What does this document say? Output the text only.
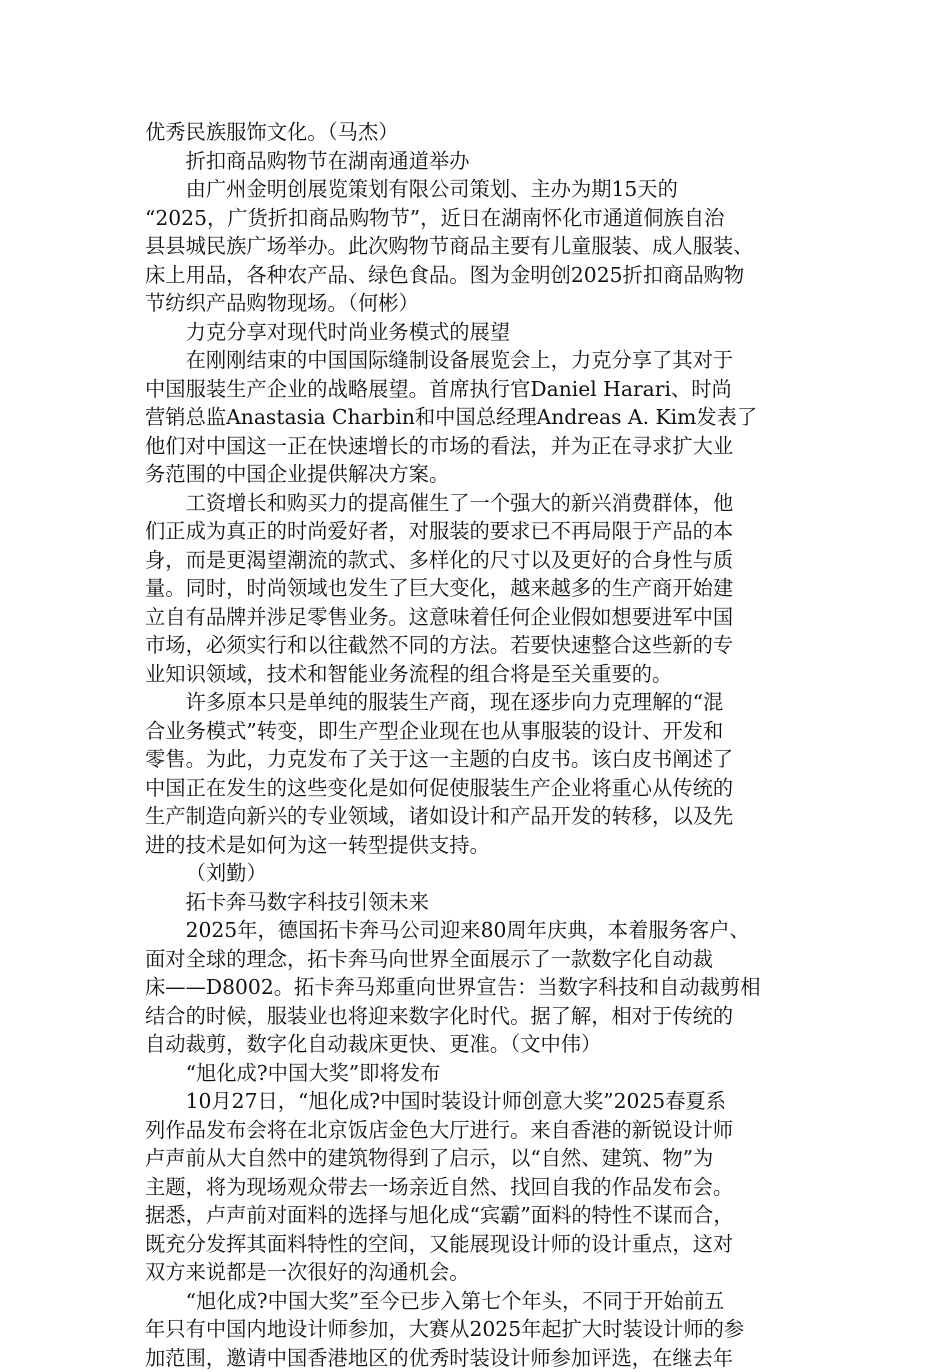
优秀民族服饰文化。（马杰）

折扣商品购物节在湖南通道举办

由广州金明创展览策划有限公司策划、主办为期15天的
“2025，广货折扣商品购物节”，近日在湖南怀化市通道侗族自治
县县城民族广场举办。此次购物节商品主要有儿童服装、成人服装、
床上用品，各种农产品、绿色食品。图为金明创2025折扣商品购物
节纺织产品购物现场。（何彬）

力克分享对现代时尚业务模式的展望

在刚刚结束的中国国际缝制设备展览会上，力克分享了其对于
中国服装生产企业的战略展望。首席执行官Daniel Harari、时尚
营销总监Anastasia Charbin和中国总经理Andreas A. Kim发表了
他们对中国这一正在快速增长的市场的看法，并为正在寻求扩大业
务范围的中国企业提供解决方案。

工资增长和购买力的提高催生了一个强大的新兴消费群体，他
们正成为真正的时尚爱好者，对服装的要求已不再局限于产品的本
身，而是更渴望潮流的款式、多样化的尺寸以及更好的合身性与质
量。同时，时尚领域也发生了巨大变化，越来越多的生产商开始建
立自有品牌并涉足零售业务。这意味着任何企业假如想要进军中国
市场，必须实行和以往截然不同的方法。若要快速整合这些新的专
业知识领域，技术和智能业务流程的组合将是至关重要的。

许多原本只是单纯的服装生产商，现在逐步向力克理解的“混
合业务模式”转变，即生产型企业现在也从事服装的设计、开发和
零售。为此，力克发布了关于这一主题的白皮书。该白皮书阐述了
中国正在发生的这些变化是如何促使服装生产企业将重心从传统的
生产制造向新兴的专业领域，诸如设计和产品开发的转移，以及先
进的技术是如何为这一转型提供支持。

（刘勤）

拓卡奔马数字科技引领未来

2025年，德国拓卡奔马公司迎来80周年庆典，本着服务客户、
面对全球的理念，拓卡奔马向世界全面展示了一款数字化自动裁
床——D8002。拓卡奔马郑重向世界宣告：当数字科技和自动裁剪相
结合的时候，服装业也将迎来数字化时代。据了解，相对于传统的
自动裁剪，数字化自动裁床更快、更准。（文中伟）

“旭化成?中国大奖”即将发布

10月27日，“旭化成?中国时装设计师创意大奖”2025春夏系
列作品发布会将在北京饭店金色大厅进行。来自香港的新锐设计师
卢声前从大自然中的建筑物得到了启示，以“自然、建筑、物”为
主题，将为现场观众带去一场亲近自然、找回自我的作品发布会。
据悉，卢声前对面料的选择与旭化成“宾霸”面料的特性不谋而合，
既充分发挥其面料特性的空间，又能展现设计师的设计重点，这对
双方来说都是一次很好的沟通机会。

“旭化成?中国大奖”至今已步入第七个年头，不同于开始前五
年只有中国内地设计师参加，大赛从2025年起扩大时装设计师的参
加范围，邀请中国香港地区的优秀时装设计师参加评选，在继去年
